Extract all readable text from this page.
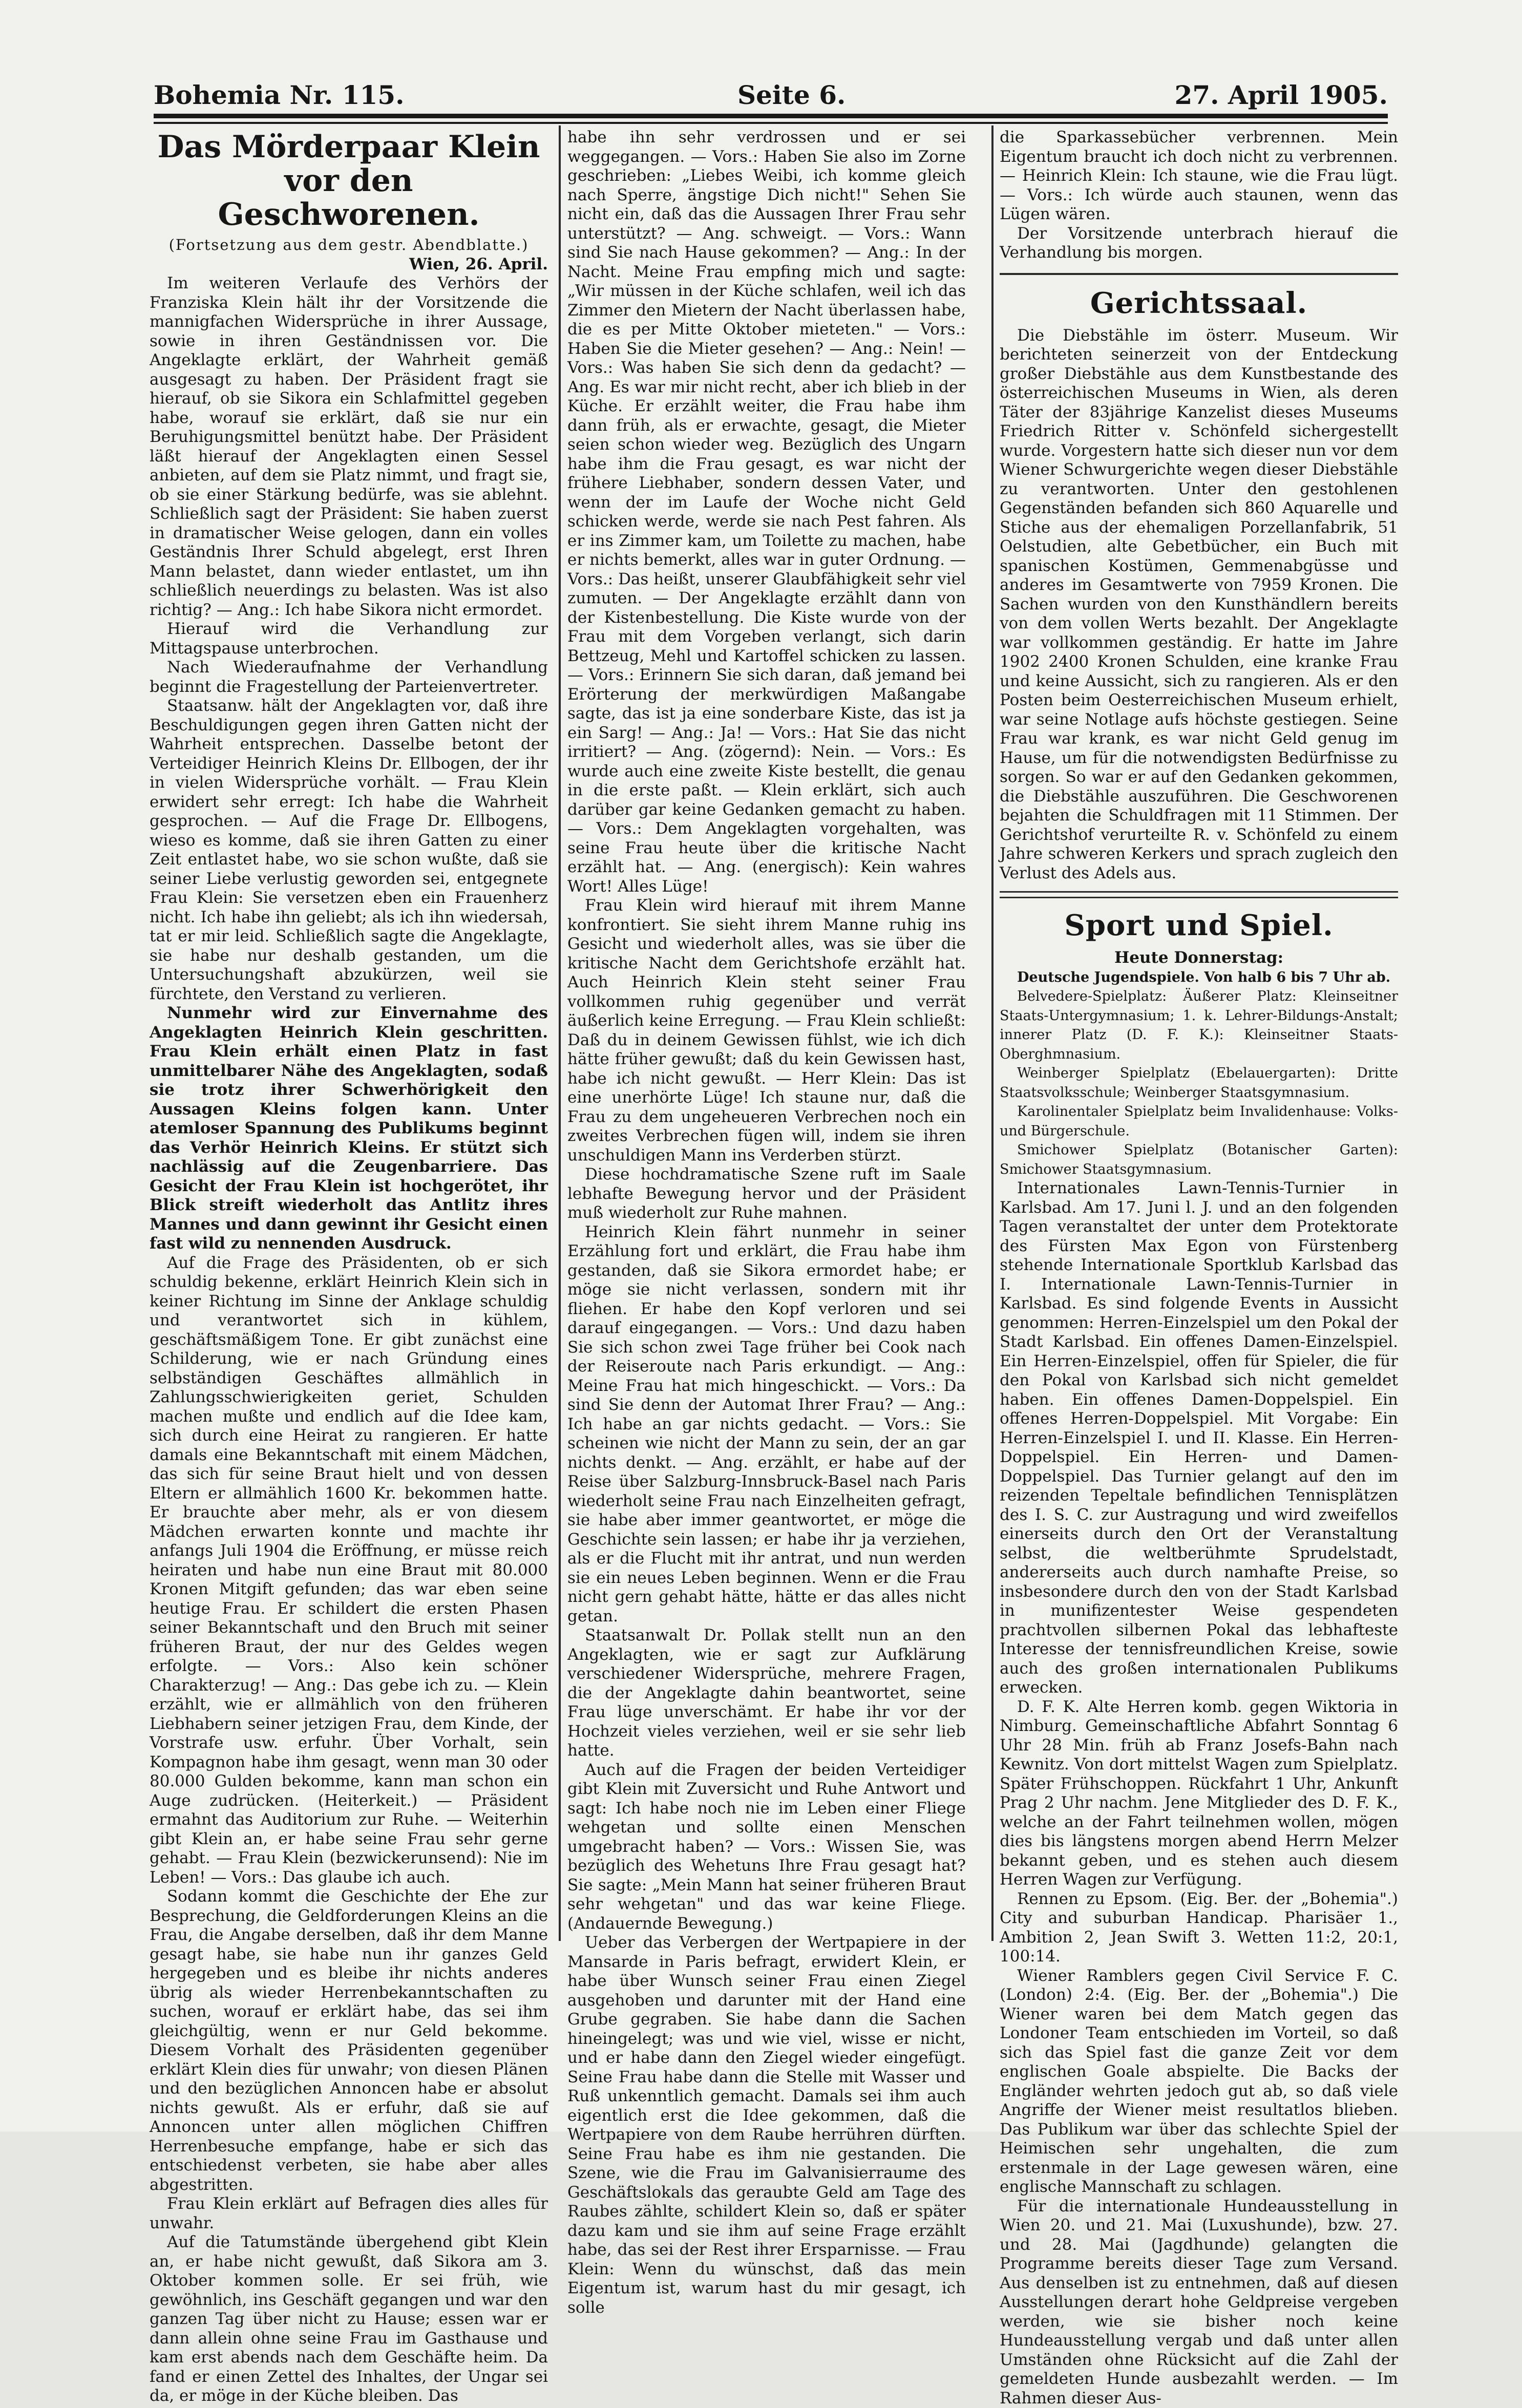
Bohemia Nr. 115.	Seite 6.	27. April 1905.
Das Mörderpaar Klein vor den Geschworenen.

(Fortsetzung aus dem gestr. Abendblatte.)

Wien, 26. April.

Im weiteren Verlaufe des Verhörs der Franziska Klein hält ihr der Vorsitzende die mannigfachen Widersprüche in ihrer Aussage, sowie in ihren Geständnissen vor. Die Angeklagte erklärt, der Wahrheit gemäß ausgesagt zu haben. Der Präsident fragt sie hierauf, ob sie Sikora ein Schlafmittel gegeben habe, worauf sie erklärt, daß sie nur ein Beruhigungsmittel benützt habe. Der Präsident läßt hierauf der Angeklagten einen Sessel anbieten, auf dem sie Platz nimmt, und fragt sie, ob sie einer Stärkung bedürfe, was sie ablehnt. Schließlich sagt der Präsident: Sie haben zuerst in dramatischer Weise gelogen, dann ein volles Geständnis Ihrer Schuld abgelegt, erst Ihren Mann belastet, dann wieder entlastet, um ihn schließlich neuerdings zu belasten. Was ist also richtig? — Ang.: Ich habe Sikora nicht ermordet.

Hierauf wird die Verhandlung zur Mittagspause unterbrochen.

Nach Wiederaufnahme der Verhandlung beginnt die Fragestellung der Parteienvertreter.

Staatsanw. hält der Angeklagten vor, daß ihre Beschuldigungen gegen ihren Gatten nicht der Wahrheit entsprechen. Dasselbe betont der Verteidiger Heinrich Kleins Dr. Ellbogen, der ihr in vielen Widersprüche vorhält. — Frau Klein erwidert sehr erregt: Ich habe die Wahrheit gesprochen. — Auf die Frage Dr. Ellbogens, wieso es komme, daß sie ihren Gatten zu einer Zeit entlastet habe, wo sie schon wußte, daß sie seiner Liebe verlustig geworden sei, entgegnete Frau Klein: Sie versetzen eben ein Frauenherz nicht. Ich habe ihn geliebt; als ich ihn wiedersah, tat er mir leid. Schließlich sagte die Angeklagte, sie habe nur deshalb gestanden, um die Untersuchungshaft abzukürzen, weil sie fürchtete, den Verstand zu verlieren.

Nunmehr wird zur Einvernahme des Angeklagten Heinrich Klein geschritten. Frau Klein erhält einen Platz in fast unmittelbarer Nähe des Angeklagten, sodaß sie trotz ihrer Schwerhörigkeit den Aussagen Kleins folgen kann. Unter atemloser Spannung des Publikums beginnt das Verhör Heinrich Kleins. Er stützt sich nachlässig auf die Zeugenbarriere. Das Gesicht der Frau Klein ist hochgerötet, ihr Blick streift wiederholt das Antlitz ihres Mannes und dann gewinnt ihr Gesicht einen fast wild zu nennenden Ausdruck.

Auf die Frage des Präsidenten, ob er sich schuldig bekenne, erklärt Heinrich Klein sich in keiner Richtung im Sinne der Anklage schuldig und verantwortet sich in kühlem, geschäftsmäßigem Tone. Er gibt zunächst eine Schilderung, wie er nach Gründung eines selbständigen Geschäftes allmählich in Zahlungsschwierigkeiten geriet, Schulden machen mußte und endlich auf die Idee kam, sich durch eine Heirat zu rangieren. Er hatte damals eine Bekanntschaft mit einem Mädchen, das sich für seine Braut hielt und von dessen Eltern er allmählich 1600 Kr. bekommen hatte. Er brauchte aber mehr, als er von diesem Mädchen erwarten konnte und machte ihr anfangs Juli 1904 die Eröffnung, er müsse reich heiraten und habe nun eine Braut mit 80.000 Kronen Mitgift gefunden; das war eben seine heutige Frau. Er schildert die ersten Phasen seiner Bekanntschaft und den Bruch mit seiner früheren Braut, der nur des Geldes wegen erfolgte. — Vors.: Also kein schöner Charakterzug! — Ang.: Das gebe ich zu. — Klein erzählt, wie er allmählich von den früheren Liebhabern seiner jetzigen Frau, dem Kinde, der Vorstrafe usw. erfuhr. Über Vorhalt, sein Kompagnon habe ihm gesagt, wenn man 30 oder 80.000 Gulden bekomme, kann man schon ein Auge zudrücken. (Heiterkeit.) — Präsident ermahnt das Auditorium zur Ruhe. — Weiterhin gibt Klein an, er habe seine Frau sehr gerne gehabt. — Frau Klein (bezwickerunsend): Nie im Leben! — Vors.: Das glaube ich auch.

Sodann kommt die Geschichte der Ehe zur Besprechung, die Geldforderungen Kleins an die Frau, die Angabe derselben, daß ihr dem Manne gesagt habe, sie habe nun ihr ganzes Geld hergegeben und es bleibe ihr nichts anderes übrig als wieder Herrenbekanntschaften zu suchen, worauf er erklärt habe, das sei ihm gleichgültig, wenn er nur Geld bekomme. Diesem Vorhalt des Präsidenten gegenüber erklärt Klein dies für unwahr; von diesen Plänen und den bezüglichen Annoncen habe er absolut nichts gewußt. Als er erfuhr, daß sie auf Annoncen unter allen möglichen Chiffren Herrenbesuche empfange, habe er sich das entschiedenst verbeten, sie habe aber alles abgestritten.

Frau Klein erklärt auf Befragen dies alles für unwahr.

Auf die Tatumstände übergehend gibt Klein an, er habe nicht gewußt, daß Sikora am 3. Oktober kommen solle. Er sei früh, wie gewöhnlich, ins Geschäft gegangen und war den ganzen Tag über nicht zu Hause; essen war er dann allein ohne seine Frau im Gasthause und kam erst abends nach dem Geschäfte heim. Da fand er einen Zettel des Inhaltes, der Ungar sei da, er möge in der Küche bleiben. Das

habe ihn sehr verdrossen und er sei weggegangen. — Vors.: Haben Sie also im Zorne geschrieben: „Liebes Weibi, ich komme gleich nach Sperre, ängstige Dich nicht!" Sehen Sie nicht ein, daß das die Aussagen Ihrer Frau sehr unterstützt? — Ang. schweigt. — Vors.: Wann sind Sie nach Hause gekommen? — Ang.: In der Nacht. Meine Frau empfing mich und sagte: „Wir müssen in der Küche schlafen, weil ich das Zimmer den Mietern der Nacht überlassen habe, die es per Mitte Oktober mieteten." — Vors.: Haben Sie die Mieter gesehen? — Ang.: Nein! — Vors.: Was haben Sie sich denn da gedacht? — Ang. Es war mir nicht recht, aber ich blieb in der Küche. Er erzählt weiter, die Frau habe ihm dann früh, als er erwachte, gesagt, die Mieter seien schon wieder weg. Bezüglich des Ungarn habe ihm die Frau gesagt, es war nicht der frühere Liebhaber, sondern dessen Vater, und wenn der im Laufe der Woche nicht Geld schicken werde, werde sie nach Pest fahren. Als er ins Zimmer kam, um Toilette zu machen, habe er nichts bemerkt, alles war in guter Ordnung. — Vors.: Das heißt, unserer Glaubfähigkeit sehr viel zumuten. — Der Angeklagte erzählt dann von der Kistenbestellung. Die Kiste wurde von der Frau mit dem Vorgeben verlangt, sich darin Bettzeug, Mehl und Kartoffel schicken zu lassen. — Vors.: Erinnern Sie sich daran, daß jemand bei Erörterung der merkwürdigen Maßangabe sagte, das ist ja eine sonderbare Kiste, das ist ja ein Sarg! — Ang.: Ja! — Vors.: Hat Sie das nicht irritiert? — Ang. (zögernd): Nein. — Vors.: Es wurde auch eine zweite Kiste bestellt, die genau in die erste paßt. — Klein erklärt, sich auch darüber gar keine Gedanken gemacht zu haben. — Vors.: Dem Angeklagten vorgehalten, was seine Frau heute über die kritische Nacht erzählt hat. — Ang. (energisch): Kein wahres Wort! Alles Lüge!

Frau Klein wird hierauf mit ihrem Manne konfrontiert. Sie sieht ihrem Manne ruhig ins Gesicht und wiederholt alles, was sie über die kritische Nacht dem Gerichtshofe erzählt hat. Auch Heinrich Klein steht seiner Frau vollkommen ruhig gegenüber und verrät äußerlich keine Erregung. — Frau Klein schließt: Daß du in deinem Gewissen fühlst, wie ich dich hätte früher gewußt; daß du kein Gewissen hast, habe ich nicht gewußt. — Herr Klein: Das ist eine unerhörte Lüge! Ich staune nur, daß die Frau zu dem ungeheueren Verbrechen noch ein zweites Verbrechen fügen will, indem sie ihren unschuldigen Mann ins Verderben stürzt.

Diese hochdramatische Szene ruft im Saale lebhafte Bewegung hervor und der Präsident muß wiederholt zur Ruhe mahnen.

Heinrich Klein fährt nunmehr in seiner Erzählung fort und erklärt, die Frau habe ihm gestanden, daß sie Sikora ermordet habe; er möge sie nicht verlassen, sondern mit ihr fliehen. Er habe den Kopf verloren und sei darauf eingegangen. — Vors.: Und dazu haben Sie sich schon zwei Tage früher bei Cook nach der Reiseroute nach Paris erkundigt. — Ang.: Meine Frau hat mich hingeschickt. — Vors.: Da sind Sie denn der Automat Ihrer Frau? — Ang.: Ich habe an gar nichts gedacht. — Vors.: Sie scheinen wie nicht der Mann zu sein, der an gar nichts denkt. — Ang. erzählt, er habe auf der Reise über Salzburg-Innsbruck-Basel nach Paris wiederholt seine Frau nach Einzelheiten gefragt, sie habe aber immer geantwortet, er möge die Geschichte sein lassen; er habe ihr ja verziehen, als er die Flucht mit ihr antrat, und nun werden sie ein neues Leben beginnen. Wenn er die Frau nicht gern gehabt hätte, hätte er das alles nicht getan.

Staatsanwalt Dr. Pollak stellt nun an den Angeklagten, wie er sagt zur Aufklärung verschiedener Widersprüche, mehrere Fragen, die der Angeklagte dahin beantwortet, seine Frau lüge unverschämt. Er habe ihr vor der Hochzeit vieles verziehen, weil er sie sehr lieb hatte.

Auch auf die Fragen der beiden Verteidiger gibt Klein mit Zuversicht und Ruhe Antwort und sagt: Ich habe noch nie im Leben einer Fliege wehgetan und sollte einen Menschen umgebracht haben? — Vors.: Wissen Sie, was bezüglich des Wehetuns Ihre Frau gesagt hat? Sie sagte: „Mein Mann hat seiner früheren Braut sehr wehgetan" und das war keine Fliege. (Andauernde Bewegung.)

Ueber das Verbergen der Wertpapiere in der Mansarde in Paris befragt, erwidert Klein, er habe über Wunsch seiner Frau einen Ziegel ausgehoben und darunter mit der Hand eine Grube gegraben. Sie habe dann die Sachen hineingelegt; was und wie viel, wisse er nicht, und er habe dann den Ziegel wieder eingefügt. Seine Frau habe dann die Stelle mit Wasser und Ruß unkenntlich gemacht. Damals sei ihm auch eigentlich erst die Idee gekommen, daß die Wertpapiere von dem Raube herrühren dürften. Seine Frau habe es ihm nie gestanden. Die Szene, wie die Frau im Galvanisierraume des Geschäftslokals das geraubte Geld am Tage des Raubes zählte, schildert Klein so, daß er später dazu kam und sie ihm auf seine Frage erzählt habe, das sei der Rest ihrer Ersparnisse. — Frau Klein: Wenn du wünschst, daß das mein Eigentum ist, warum hast du mir gesagt, ich solle

die Sparkassebücher verbrennen. Mein Eigentum braucht ich doch nicht zu verbrennen. — Heinrich Klein: Ich staune, wie die Frau lügt. — Vors.: Ich würde auch staunen, wenn das Lügen wären.

Der Vorsitzende unterbrach hierauf die Verhandlung bis morgen.

Gerichtssaal.

Die Diebstähle im österr. Museum. Wir berichteten seinerzeit von der Entdeckung großer Diebstähle aus dem Kunstbestande des österreichischen Museums in Wien, als deren Täter der 83jährige Kanzelist dieses Museums Friedrich Ritter v. Schönfeld sichergestellt wurde. Vorgestern hatte sich dieser nun vor dem Wiener Schwurgerichte wegen dieser Diebstähle zu verantworten. Unter den gestohlenen Gegenständen befanden sich 860 Aquarelle und Stiche aus der ehemaligen Porzellanfabrik, 51 Oelstudien, alte Gebetbücher, ein Buch mit spanischen Kostümen, Gemmenabgüsse und anderes im Gesamtwerte von 7959 Kronen. Die Sachen wurden von den Kunsthändlern bereits von dem vollen Werts bezahlt. Der Angeklagte war vollkommen geständig. Er hatte im Jahre 1902 2400 Kronen Schulden, eine kranke Frau und keine Aussicht, sich zu rangieren. Als er den Posten beim Oesterreichischen Museum erhielt, war seine Notlage aufs höchste gestiegen. Seine Frau war krank, es war nicht Geld genug im Hause, um für die notwendigsten Bedürfnisse zu sorgen. So war er auf den Gedanken gekommen, die Diebstähle auszuführen. Die Geschworenen bejahten die Schuldfragen mit 11 Stimmen. Der Gerichtshof verurteilte R. v. Schönfeld zu einem Jahre schweren Kerkers und sprach zugleich den Verlust des Adels aus.

Sport und Spiel.

Heute Donnerstag:

Deutsche Jugendspiele. Von halb 6 bis 7 Uhr ab.

Belvedere-Spielplatz: Äußerer Platz: Kleinseitner Staats-Untergymnasium; 1. k. Lehrer-Bildungs-Anstalt; innerer Platz (D. F. K.): Kleinseitner Staats-Oberghmnasium.

Weinberger Spielplatz (Ebelauergarten): Dritte Staatsvolksschule; Weinberger Staatsgymnasium.

Karolinentaler Spielplatz beim Invalidenhause: Volks- und Bürgerschule.

Smichower Spielplatz (Botanischer Garten): Smichower Staatsgymnasium.

Internationales Lawn-Tennis-Turnier in Karlsbad. Am 17. Juni l. J. und an den folgenden Tagen veranstaltet der unter dem Protektorate des Fürsten Max Egon von Fürstenberg stehende Internationale Sportklub Karlsbad das I. Internationale Lawn-Tennis-Turnier in Karlsbad. Es sind folgende Events in Aussicht genommen: Herren-Einzelspiel um den Pokal der Stadt Karlsbad. Ein offenes Damen-Einzelspiel. Ein Herren-Einzelspiel, offen für Spieler, die für den Pokal von Karlsbad sich nicht gemeldet haben. Ein offenes Damen-Doppelspiel. Ein offenes Herren-Doppelspiel. Mit Vorgabe: Ein Herren-Einzelspiel I. und II. Klasse. Ein Herren-Doppelspiel. Ein Herren- und Damen-Doppelspiel. Das Turnier gelangt auf den im reizenden Tepeltale befindlichen Tennisplätzen des I. S. C. zur Austragung und wird zweifellos einerseits durch den Ort der Veranstaltung selbst, die weltberühmte Sprudelstadt, andererseits auch durch namhafte Preise, so insbesondere durch den von der Stadt Karlsbad in munifizentester Weise gespendeten prachtvollen silbernen Pokal das lebhafteste Interesse der tennisfreundlichen Kreise, sowie auch des großen internationalen Publikums erwecken.

D. F. K. Alte Herren komb. gegen Wiktoria in Nimburg. Gemeinschaftliche Abfahrt Sonntag 6 Uhr 28 Min. früh ab Franz Josefs-Bahn nach Kewnitz. Von dort mittelst Wagen zum Spielplatz. Später Frühschoppen. Rückfahrt 1 Uhr, Ankunft Prag 2 Uhr nachm. Jene Mitglieder des D. F. K., welche an der Fahrt teilnehmen wollen, mögen dies bis längstens morgen abend Herrn Melzer bekannt geben, und es stehen auch diesem Herren Wagen zur Verfügung.

Rennen zu Epsom. (Eig. Ber. der „Bohemia".) City and suburban Handicap. Pharisäer 1., Ambition 2, Jean Swift 3. Wetten 11:2, 20:1, 100:14.

Wiener Ramblers gegen Civil Service F. C. (London) 2:4. (Eig. Ber. der „Bohemia".) Die Wiener waren bei dem Match gegen das Londoner Team entschieden im Vorteil, so daß sich das Spiel fast die ganze Zeit vor dem englischen Goale abspielte. Die Backs der Engländer wehrten jedoch gut ab, so daß viele Angriffe der Wiener meist resultatlos blieben. Das Publikum war über das schlechte Spiel der Heimischen sehr ungehalten, die zum erstenmale in der Lage gewesen wären, eine englische Mannschaft zu schlagen.

Für die internationale Hundeausstellung in Wien 20. und 21. Mai (Luxushunde), bzw. 27. und 28. Mai (Jagdhunde) gelangten die Programme bereits dieser Tage zum Versand. Aus denselben ist zu entnehmen, daß auf diesen Ausstellungen derart hohe Geldpreise vergeben werden, wie sie bisher noch keine Hundeausstellung vergab und daß unter allen Umständen ohne Rücksicht auf die Zahl der gemeldeten Hunde ausbezahlt werden. — Im Rahmen dieser Aus-
